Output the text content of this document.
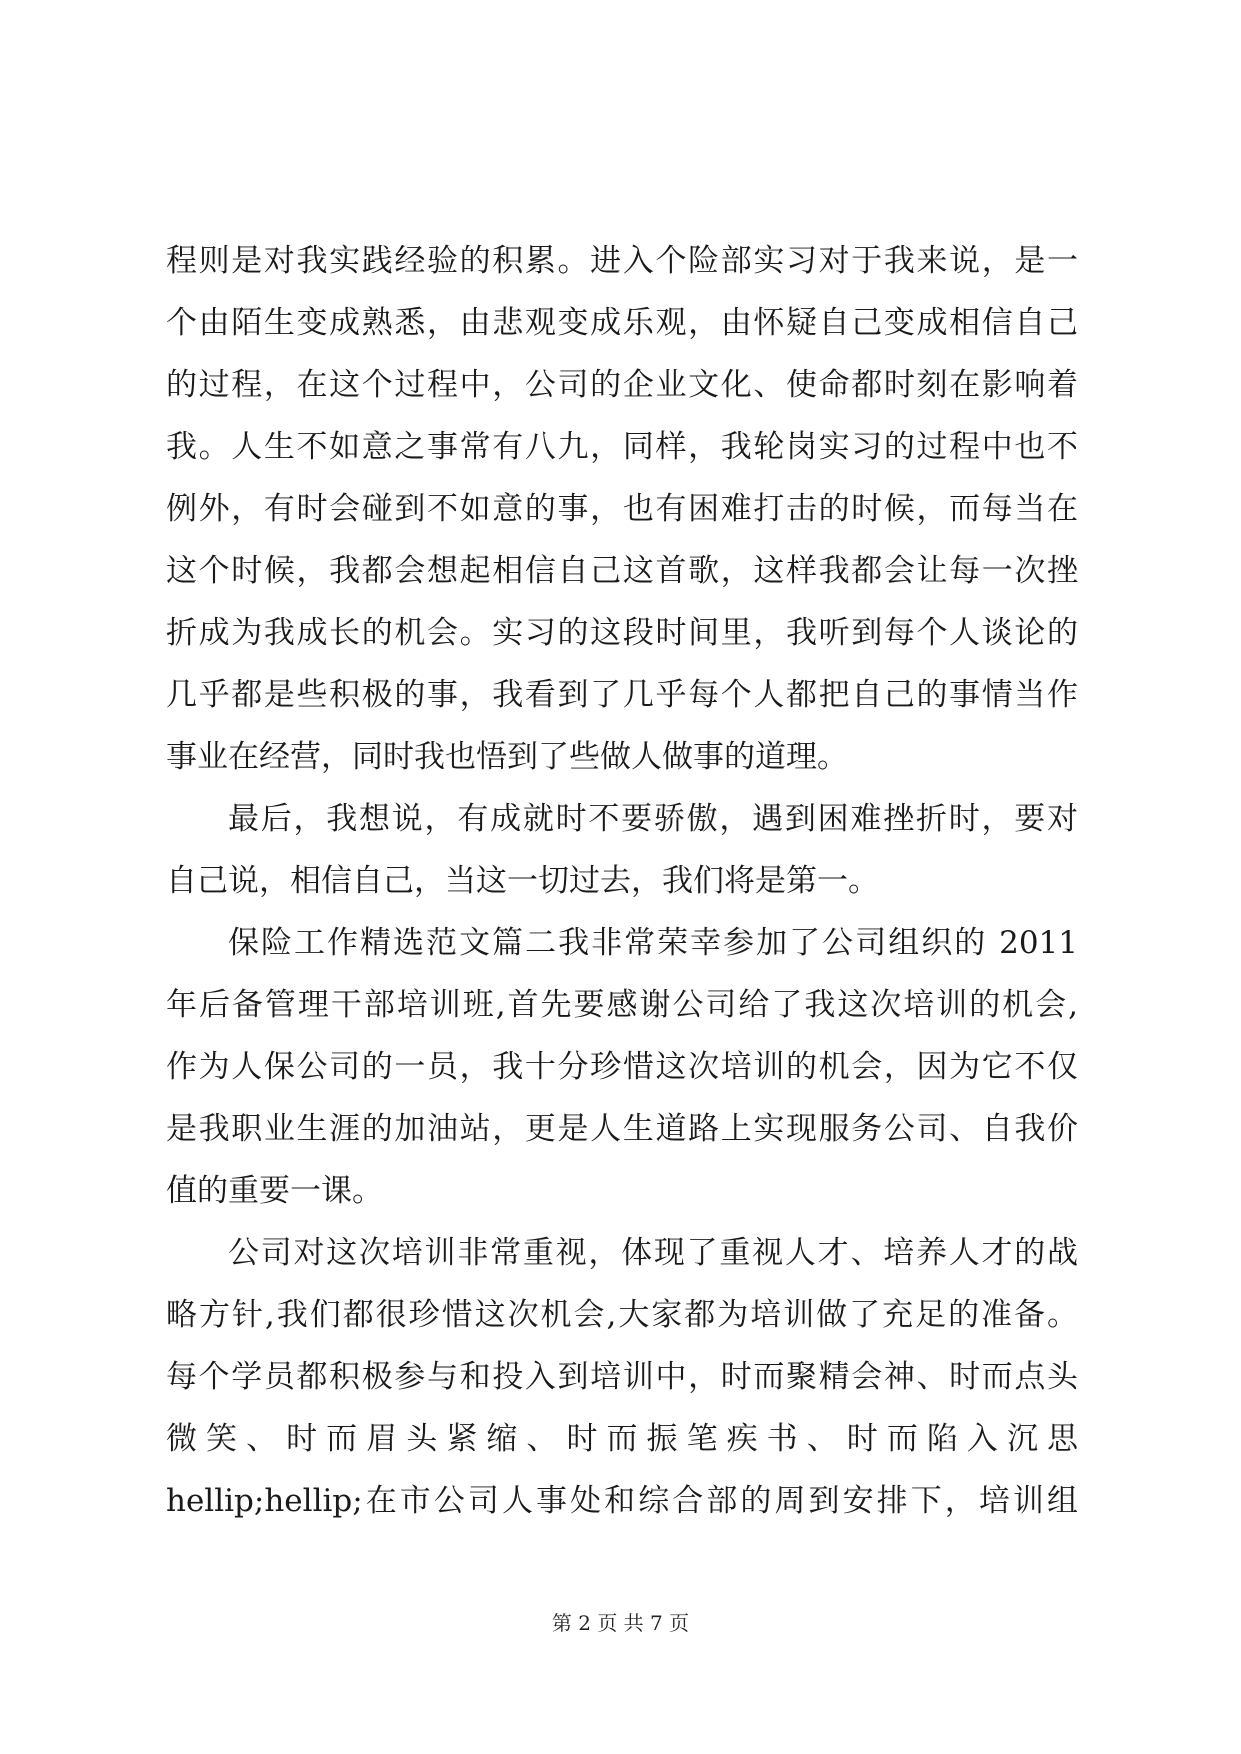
程则是对我实践经验的积累。进入个险部实习对于我来说，是一
个由陌生变成熟悉，由悲观变成乐观，由怀疑自己变成相信自己
的过程，在这个过程中，公司的企业文化、使命都时刻在影响着
我。人生不如意之事常有八九，同样，我轮岗实习的过程中也不
例外，有时会碰到不如意的事，也有困难打击的时候，而每当在
这个时候，我都会想起相信自己这首歌，这样我都会让每一次挫
折成为我成长的机会。实习的这段时间里，我听到每个人谈论的
几乎都是些积极的事，我看到了几乎每个人都把自己的事情当作
事业在经营，同时我也悟到了些做人做事的道理。
最后，我想说，有成就时不要骄傲，遇到困难挫折时，要对
自己说，相信自己，当这一切过去，我们将是第一。
保险工作精选范文篇二我非常荣幸参加了公司组织的 2011
年后备管理干部培训班,首先要感谢公司给了我这次培训的机会,
作为人保公司的一员，我十分珍惜这次培训的机会，因为它不仅
是我职业生涯的加油站，更是人生道路上实现服务公司、自我价
值的重要一课。
公司对这次培训非常重视，体现了重视人才、培养人才的战
略方针,我们都很珍惜这次机会,大家都为培训做了充足的准备。
每个学员都积极参与和投入到培训中，时而聚精会神、时而点头
微笑、时而眉头紧缩、时而振笔疾书、时而陷入沉思
hellip;hellip;在市公司人事处和综合部的周到安排下，培训组
第 2 页 共 7 页
